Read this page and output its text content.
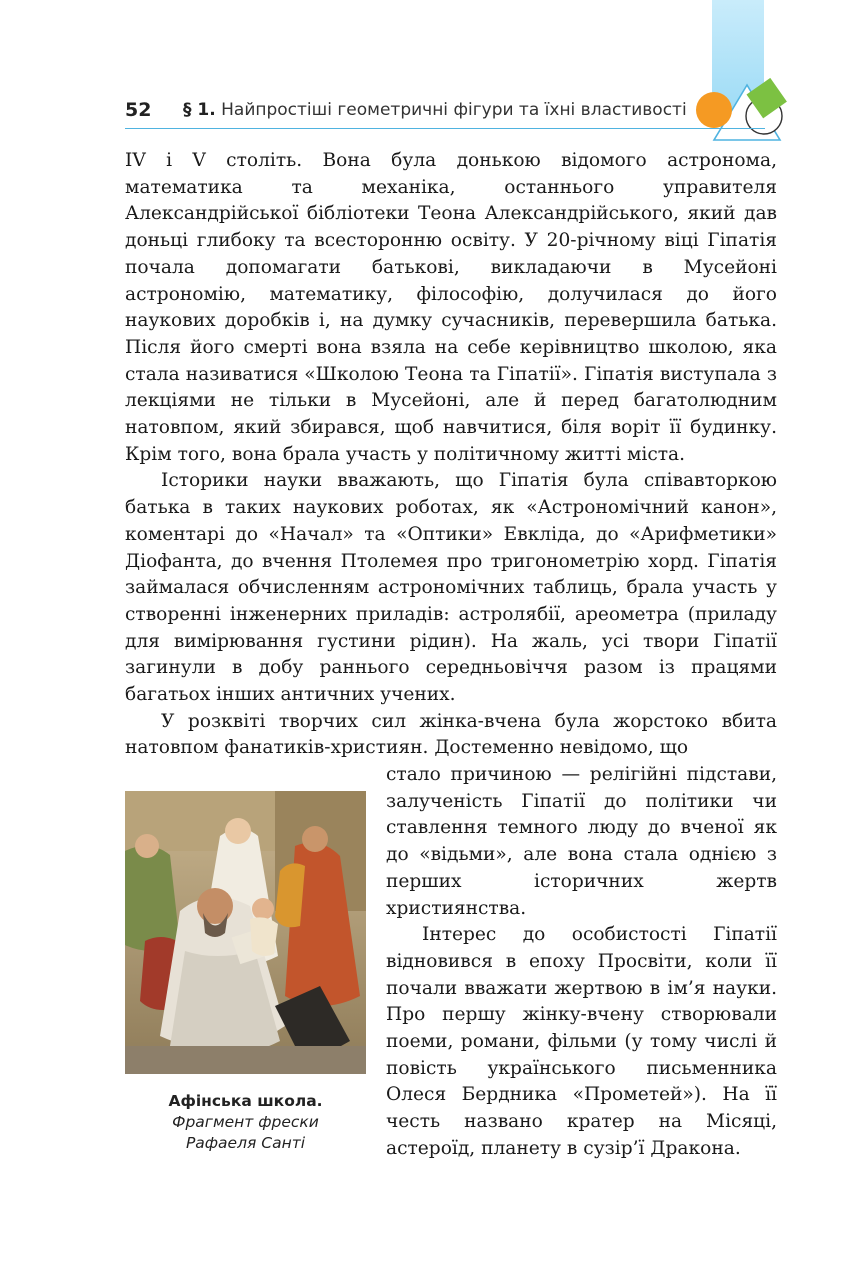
52 § 1. Найпростіші геометричні фігури та їхні властивості

IV і V століть. Вона була донькою відомого астронома, математика та механіка, останнього управителя Александрійської бібліотеки Теона Александрійського, який дав доньці глибоку та всесторонню освіту. У 20-річному віці Гіпатія почала допомагати батькові, викладаючи в Мусейоні астрономію, математику, філософію, долучилася до його наукових доробків і, на думку сучасників, перевершила батька. Після його смерті вона взяла на себе керівництво школою, яка стала називатися «Школою Теона та Гіпатії». Гіпатія виступала з лекціями не тільки в Мусейоні, але й перед багатолюдним натовпом, який збирався, щоб навчитися, біля воріт її будинку. Крім того, вона брала участь у політичному житті міста.

Історики науки вважають, що Гіпатія була співавторкою батька в таких наукових роботах, як «Астрономічний канон», коментарі до «Начал» та «Оптики» Евкліда, до «Арифметики» Діофанта, до вчення Птолемея про тригонометрію хорд. Гіпатія займалася обчисленням астрономічних таблиць, брала участь у створенні інженерних приладів: астролябії, ареометра (приладу для вимірювання густини рідин). На жаль, усі твори Гіпатії загинули в добу раннього середньовіччя разом із працями багатьох інших античних учених.

У розквіті творчих сил жінка-вчена була жорстоко вбита натовпом фанатиків-християн. Достеменно невідомо, що

стало причиною — релігійні підстави, залученість Гіпатії до політики чи ставлення темного люду до вченої як до «відьми», але вона стала однією з перших історичних жертв християнства.

Інтерес до особистості Гіпатії відновився в епоху Просвіти, коли її почали вважати жертвою в ім’я науки. Про першу жінку-вчену створювали поеми, романи, фільми (у тому числі й повість українського письменника Олеся Бердника «Прометей»). На її честь названо кратер на Місяці, астероїд, планету в сузір’ї Дракона.

Афінська школа.
Фрагмент фрески
Рафаеля Санті
